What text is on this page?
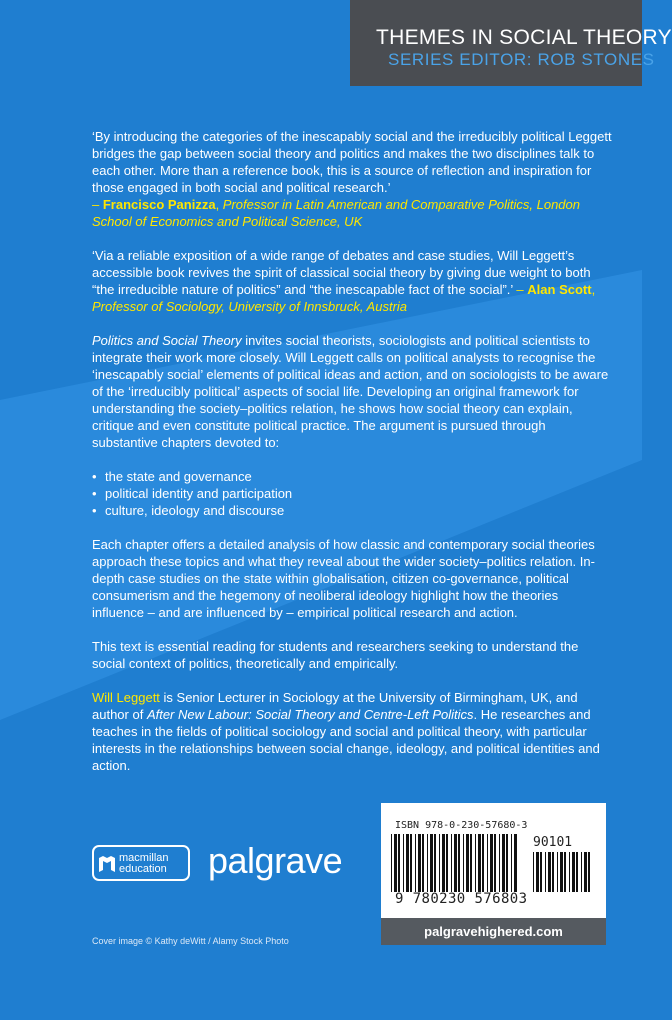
THEMES IN SOCIAL THEORY
SERIES EDITOR: ROB STONES

‘By introducing the categories of the inescapably social and the irreducibly political Leggett bridges the gap between social theory and politics and makes the two disciplines talk to each other. More than a reference book, this is a source of reflection and inspiration for those engaged in both social and political research.’
– Francisco Panizza, Professor in Latin American and Comparative Politics, London School of Economics and Political Science, UK

‘Via a reliable exposition of a wide range of debates and case studies, Will Leggett’s accessible book revives the spirit of classical social theory by giving due weight to both “the irreducible nature of politics” and “the inescapable fact of the social”.’ – Alan Scott, Professor of Sociology, University of Innsbruck, Austria

Politics and Social Theory invites social theorists, sociologists and political scientists to integrate their work more closely. Will Leggett calls on political analysts to recognise the ‘inescapably social’ elements of political ideas and action, and on sociologists to be aware of the ‘irreducibly political’ aspects of social life. Developing an original framework for understanding the society–politics relation, he shows how social theory can explain, critique and even constitute political practice. The argument is pursued through substantive chapters devoted to:

• the state and governance
• political identity and participation
• culture, ideology and discourse

Each chapter offers a detailed analysis of how classic and contemporary social theories approach these topics and what they reveal about the wider society–politics relation. In-depth case studies on the state within globalisation, citizen co-governance, political consumerism and the hegemony of neoliberal ideology highlight how the theories influence – and are influenced by – empirical political research and action.

This text is essential reading for students and researchers seeking to understand the social context of politics, theoretically and empirically.

Will Leggett is Senior Lecturer in Sociology at the University of Birmingham, UK, and author of After New Labour: Social Theory and Centre-Left Politics. He researches and teaches in the fields of political sociology and social and political theory, with particular interests in the relationships between social change, ideology, and political identities and action.

macmillan
education palgrave
Cover image © Kathy deWitt / Alamy Stock Photo
ISBN 978-0-230-57680-3
90101
9 780230 576803
palgravehighered.com
